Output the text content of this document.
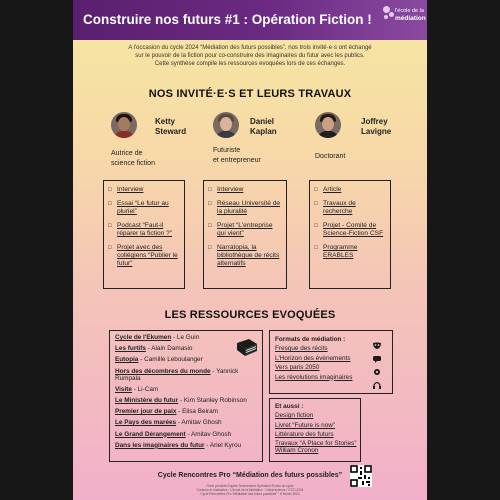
Construire nos futurs #1 : Opération Fiction !
l'école de la
médiation
A l'occasion du cycle 2024 “Médiation des futurs possibles”, nos trois invité·e·s ont échangé
sur le pouvoir de la fiction pour co-construire des imaginaires du futur avec les publics.
Cette synthèse compile les ressources evoquées lors de ces échanges.
NOS INVITÉ·E·S ET LEURS TRAVAUX
Ketty
Steward
Autrice de
science fiction
Daniel
Kaplan
Futuriste
et entrepreneur
Joffrey
Lavigne
Doctorant
□ Interview
□ Essai “Le futur au pluriel”
□ Podcast “Faut-il réparer la fiction ?”
□ Projet avec des collégiens “Publier le futur”
□ Interview
□ Réseau Université de la pluralité
□ Projet “L'entreprise qui vient”
□ Narratopia, la bibliothèque de récits alternatifs
□ Article
□ Travaux de recherche
□ Projet - Comité de Science-Fiction CSF
□ Programme ERABLES
LES RESSOURCES EVOQUÉES
Cycle de l'Ekumen - Le Guin
Les furtifs - Alain Damasio
Eutopia - Camille Leboulanger
Hors des décombres du monde - Yannick
Rumpala
Visite - Li-Cam
Le Ministère du futur - Kim Stanley Robinson
Premier jour de paix - Elisa Beiram
Le Pays des marées - Amitav Ghosh
Le Grand Dérangement - Amitav Ghosh
Dans les imaginaires du futur - Ariel Kyrou
Formats de médiation :
Fresque des récits
L'Horizon des évènements
Vers paris 2050
Les révolutions imaginaires
Et aussi :
Design fiction
Livret “Future is now”
Littérature des futurs
Travaux “A Place for Stories”
William Cronon
Cycle Rencontres Pro “Médiation des futurs possibles”
Fiche produite d'après l'évènement Opération Fiction du cycle
Contenu et réalisation : L'école de la Médiation · Universcience / CSTI 2024
Cycle Rencontres Pro “Médiation des futurs possibles” · 6 février 2024
